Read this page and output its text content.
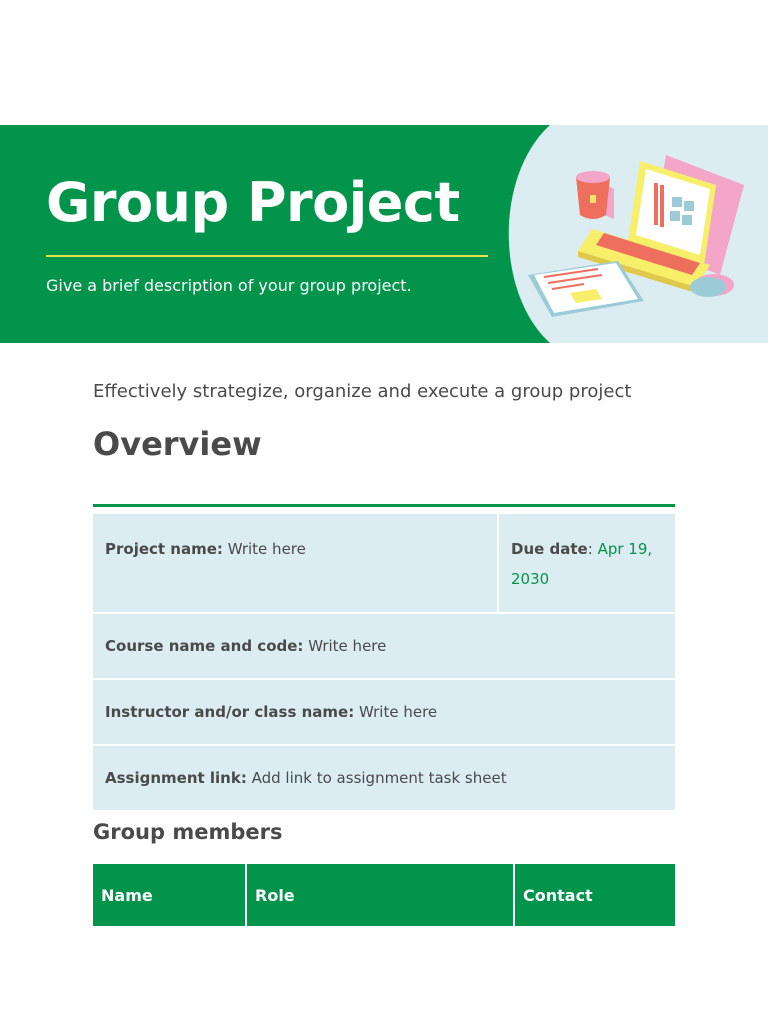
Group Project
Give a brief description of your group project.
Effectively strategize, organize and execute a group project
Overview
Project name: Write here	Due date: Apr 19,
2030
Course name and code: Write here
Instructor and/or class name: Write here
Assignment link: Add link to assignment task sheet
Group members
Name	Role	Contact
